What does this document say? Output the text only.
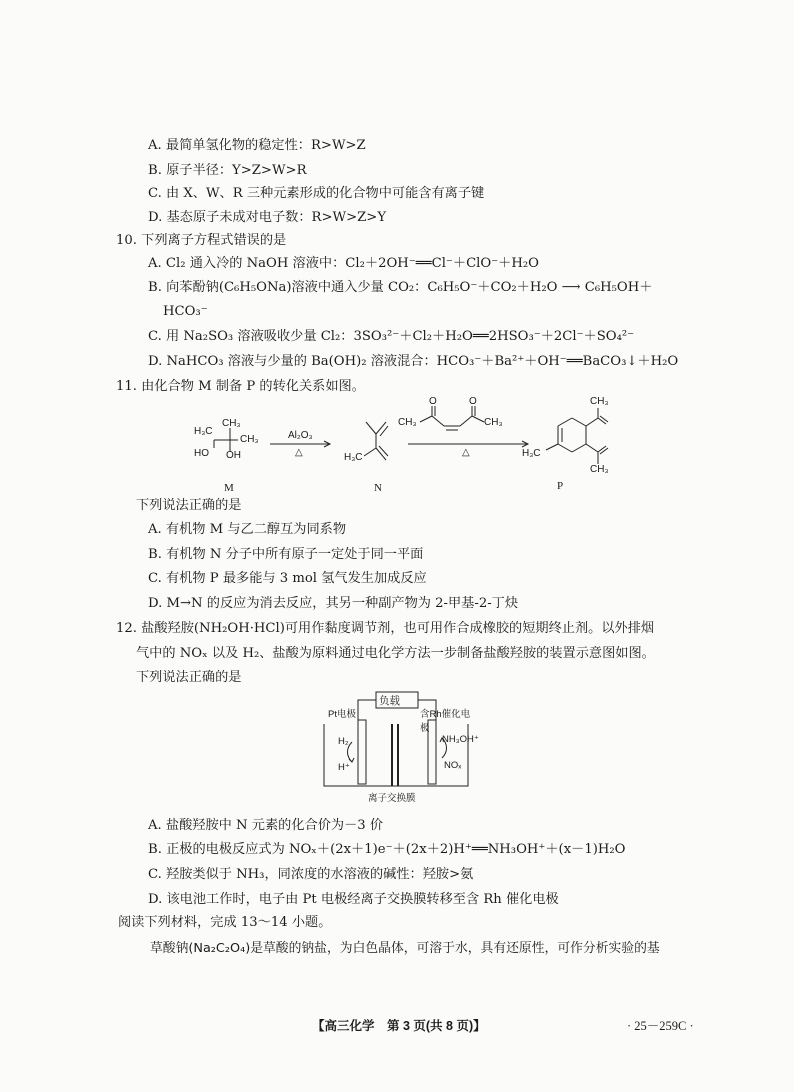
A. 最简单氢化物的稳定性：R>W>Z
B. 原子半径：Y>Z>W>R
C. 由 X、W、R 三种元素形成的化合物中可能含有离子键
D. 基态原子未成对电子数：R>W>Z>Y
10. 下列离子方程式错误的是
A. Cl₂ 通入冷的 NaOH 溶液中：Cl₂＋2OH⁻══Cl⁻＋ClO⁻＋H₂O
B. 向苯酚钠(C₆H₅ONa)溶液中通入少量 CO₂：C₆H₅O⁻＋CO₂＋H₂O ⟶ C₆H₅OH＋
HCO₃⁻
C. 用 Na₂SO₃ 溶液吸收少量 Cl₂：3SO₃²⁻＋Cl₂＋H₂O══2HSO₃⁻＋2Cl⁻＋SO₄²⁻
D. NaHCO₃ 溶液与少量的 Ba(OH)₂ 溶液混合：HCO₃⁻＋Ba²⁺＋OH⁻══BaCO₃↓＋H₂O
11. 由化合物 M 制备 P 的转化关系如图。
H₃C
CH₃
CH₃
HO OH
Al₂O₃
△
M
H₃C
N
CH₃
O	O
CH₃
△
CH₃
CH₃
H₃C
P
下列说法正确的是
A. 有机物 M 与乙二醇互为同系物
B. 有机物 N 分子中所有原子一定处于同一平面
C. 有机物 P 最多能与 3 mol 氢气发生加成反应
D. M→N 的反应为消去反应，其另一种副产物为 2-甲基-2-丁炔
12. 盐酸羟胺(NH₂OH·HCl)可用作黏度调节剂，也可用作合成橡胶的短期终止剂。以外排烟
气中的 NOₓ 以及 H₂、盐酸为原料通过电化学方法一步制备盐酸羟胺的装置示意图如图。
下列说法正确的是
负载
Pt电极	含Rh催化电极
H₂
H⁺
NH₃OH⁺
NOₓ
离子交换膜
A. 盐酸羟胺中 N 元素的化合价为－3 价
B. 正极的电极反应式为 NOₓ＋(2x＋1)e⁻＋(2x＋2)H⁺══NH₃OH⁺＋(x－1)H₂O
C. 羟胺类似于 NH₃，同浓度的水溶液的碱性：羟胺>氨
D. 该电池工作时，电子由 Pt 电极经离子交换膜转移至含 Rh 催化电极
阅读下列材料，完成 13～14 小题。
草酸钠(Na₂C₂O₄)是草酸的钠盐，为白色晶体，可溶于水，具有还原性，可作分析实验的基
【高三化学　第 3 页(共 8 页)】	· 25－259C ·
